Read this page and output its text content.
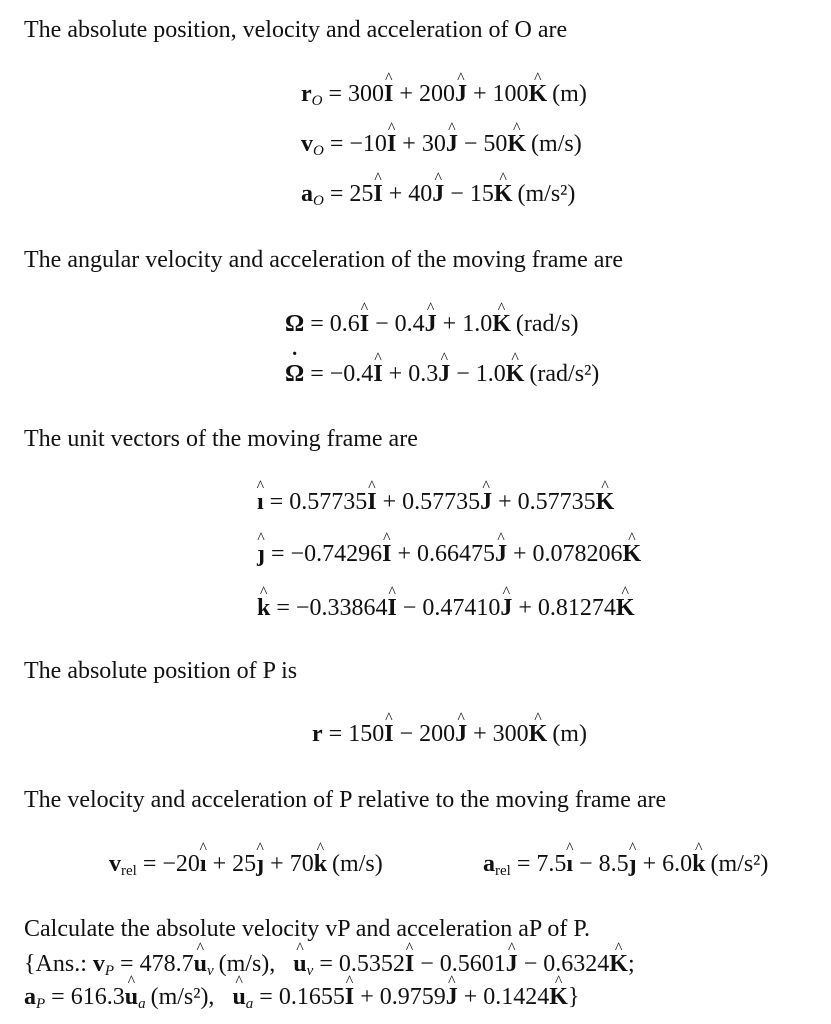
The absolute position, velocity and acceleration of O are
$r_O = 300I$ ^ + 200J ^ + 100K ^ (m)
$v_O = -10I$ ^ + 30J ^ − 50K ^ (m/s)
$a_O = 25I$ ^ + 40J ^ − 15K ^ (m/s²)
The angular velocity and acceleration of the moving frame are
Ω = 0.6I ^ − 0.4J ^ + 1.0K ^ (rad/s)
Ω ˙ = −0.4I ^ + 0.3J ^ − 1.0K ^ (rad/s²)
The unit vectors of the moving frame are
ı ^ = 0.57735I ^ + 0.57735J ^ + 0.57735K ^
ȷ ^ = −0.74296I ^ + 0.66475J ^ + 0.078206K ^
k ^ = −0.33864I ^ − 0.47410J ^ + 0.81274K ^
The absolute position of P is
r = 150I ^ − 200J ^ + 300K ^ (m)
The velocity and acceleration of P relative to the moving frame are
$v_{rel}$ = −20ı ^ + 25ȷ ^ + 70k ^ (m/s)	$a_{rel}$ = 7.5ı ^ − 8.5ȷ ^ + 6.0k ^ (m/s²)
Calculate the absolute velocity vP and acceleration aP of P.
{Ans.: $v_P = 478.7u$ $\^{}_v$ (m/s), u $\^{}_v = 0.5352I$ ^ − 0.5601J ^ − 0.6324K ^;
$a_P = 616.3u$ $\^{}_a$ (m/s²), u $\^{}_a = 0.1655I$ ^ + 0.9759J ^ + 0.1424K ^}
